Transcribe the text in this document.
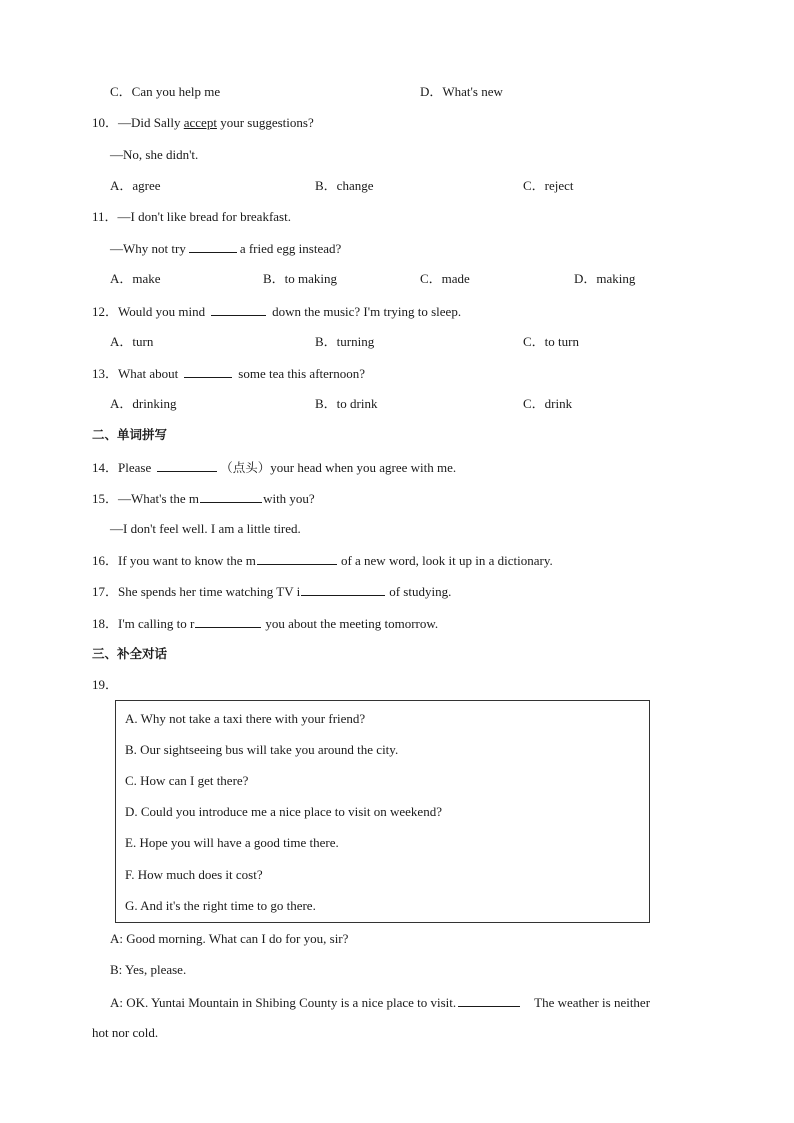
C．Can you help me	D．What's new
10．—Did Sally accept your suggestions?
—No, she didn't.
A．agree	B．change	C．reject
11．—I don't like bread for breakfast.
—Why not try	a fried egg instead?
A．make	B．to making	C．made	D．making
12．Would you mind	down the music? I'm trying to sleep.
A．turn	B．turning	C．to turn
13．What about	some tea this afternoon?
A．drinking	B．to drink	C．drink
二、单词拼写
14．Please	（点头）your head when you agree with me.
15．—What's the m	with you?
—I don't feel well. I am a little tired.
16．If you want to know the m	of a new word, look it up in a dictionary.
17．She spends her time watching TV i	of studying.
18．I'm calling to r	you about the meeting tomorrow.
三、补全对话
19．
A. Why not take a taxi there with your friend?
B. Our sightseeing bus will take you around the city.
C. How can I get there?
D. Could you introduce me a nice place to visit on weekend?
E. Hope you will have a good time there.
F. How much does it cost?
G. And it's the right time to go there.
A: Good morning. What can I do for you, sir?
B: Yes, please.
A: OK. Yuntai Mountain in Shibing County is a nice place to visit.	The weather is neither
hot nor cold.
